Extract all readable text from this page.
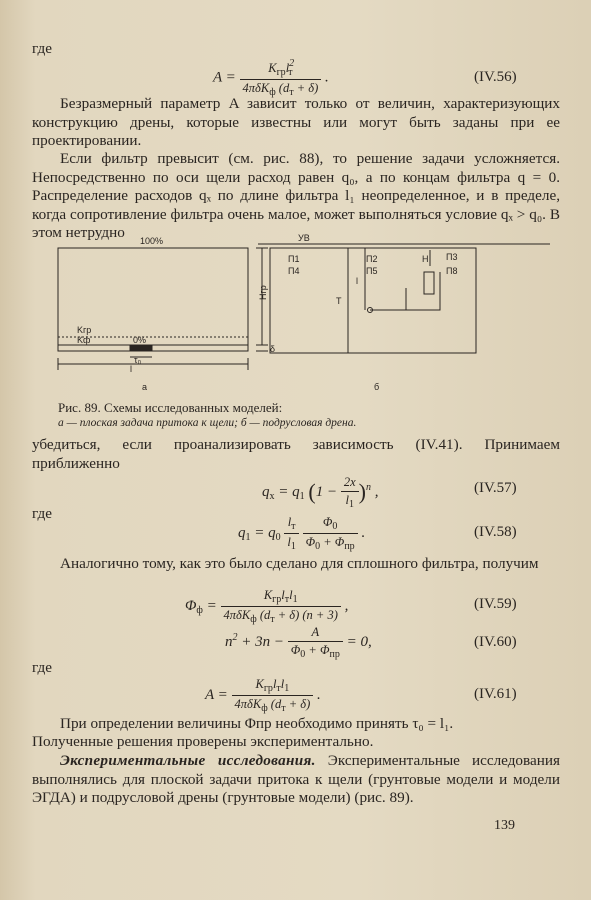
где
$A = \frac{K_{гр}l^2_т}{4\pi\delta K_ф (d_т + \delta)}$ .	(IV.56)
Безразмерный параметр A зависит только от величин, характеризующих конструкцию дрены, которые известны или могут быть заданы при ее проектировании.
Если фильтр превысит (см. рис. 88), то решение задачи усложняется. Непосредственно по оси щели расход равен q₀, а по концам фильтра q = 0. Распределение расходов qₓ по длине фильтра l₁ неопределенное, и в пределе, когда сопротивление фильтра очень малое, может выполняться условие qₓ > q₀. В этом нетрудно	100%
Kгр
Kф	0%
τ₀
l
Hгр
δ
а
УВ
П1	П2	П3
П4	П5	П8
T
l
H
б
Рис. 89. Схемы исследованных моделей:
а — плоская задача притока к щели; б — подрусловая дрена.
убедиться, если проанализировать зависимость (IV.41). Принимаем приближенно
$q_x = q_1$ $(1 - \frac{2x}{l_1} )^n$ ,	(IV.57)
где
$q_1 = q_0 \frac{l_т}{l_1}$
$\frac{\Phi_0}{\Phi_0 + \Phi_{пр}}$ .	(IV.58)
Аналогично тому, как это было сделано для сплошного фильтра, получим
$\Phi_ф = \frac{K_{гр}l_тl_1}{4\pi\delta K_ф (d_т + \delta) (n + 3)}$ ,	(IV.59)
$n^2 + 3n - \frac{A}{\Phi_0 + \Phi_{пр}} = 0$,	(IV.60)
где
$A = \frac{K_{гр}l_тl_1}{4\pi\delta K_ф (d_т + \delta)}$ .	(IV.61)
При определении величины Φпр необходимо принять τ₀ = l₁.
Полученные решения проверены экспериментально.
Экспериментальные исследования. Экспериментальные исследования выполнялись для плоской задачи притока к щели (грунтовые модели и модели ЭГДА) и подрусловой дрены (грунтовые модели) (рис. 89).
139
